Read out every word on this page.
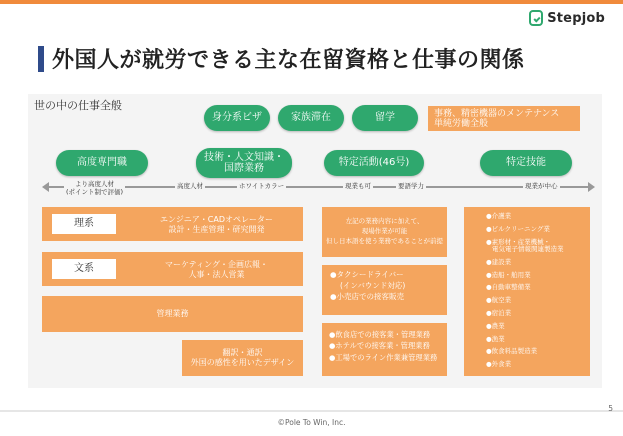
Stepjob
外国人が就労できる主な在留資格と仕事の関係
世の中の仕事全般
身分系ビザ	家族滞在	留学	事務、精密機器のメンテナンス
単純労働全般
高度専門職
技術・人文知識・
国際業務
特定活動(46号)	特定技能
より高度人材
(ポイント制で評価)
高度人材	ホワイトカラー	現業も可	要語学力	現業が中心
理系	エンジニア・CADオペレーター
設計・生産管理・研究開発
文系	マーケティング・企画広報・
人事・法人営業
管理業務
翻訳・通訳
外国の感性を用いたデザイン
左記の業務内容に加えて、
現場作業が可能
但し日本語を使う業務であることが前提
●タクシードライバー
(インバウンド対応)
●小売店での接客販売
●飲食店での接客業・管理業務
●ホテルでの接客業・管理業務
●工場でのライン作業兼管理業務
●介護業
●ビルクリーニング業
●素形材・産業機械・
電気電子情報関連製造業
●建設業
●造船・舶用業
●自動車整備業
●航空業
●宿泊業
●農業
●漁業
●飲食料品製造業
●外食業
5
©Pole To Win, Inc.
